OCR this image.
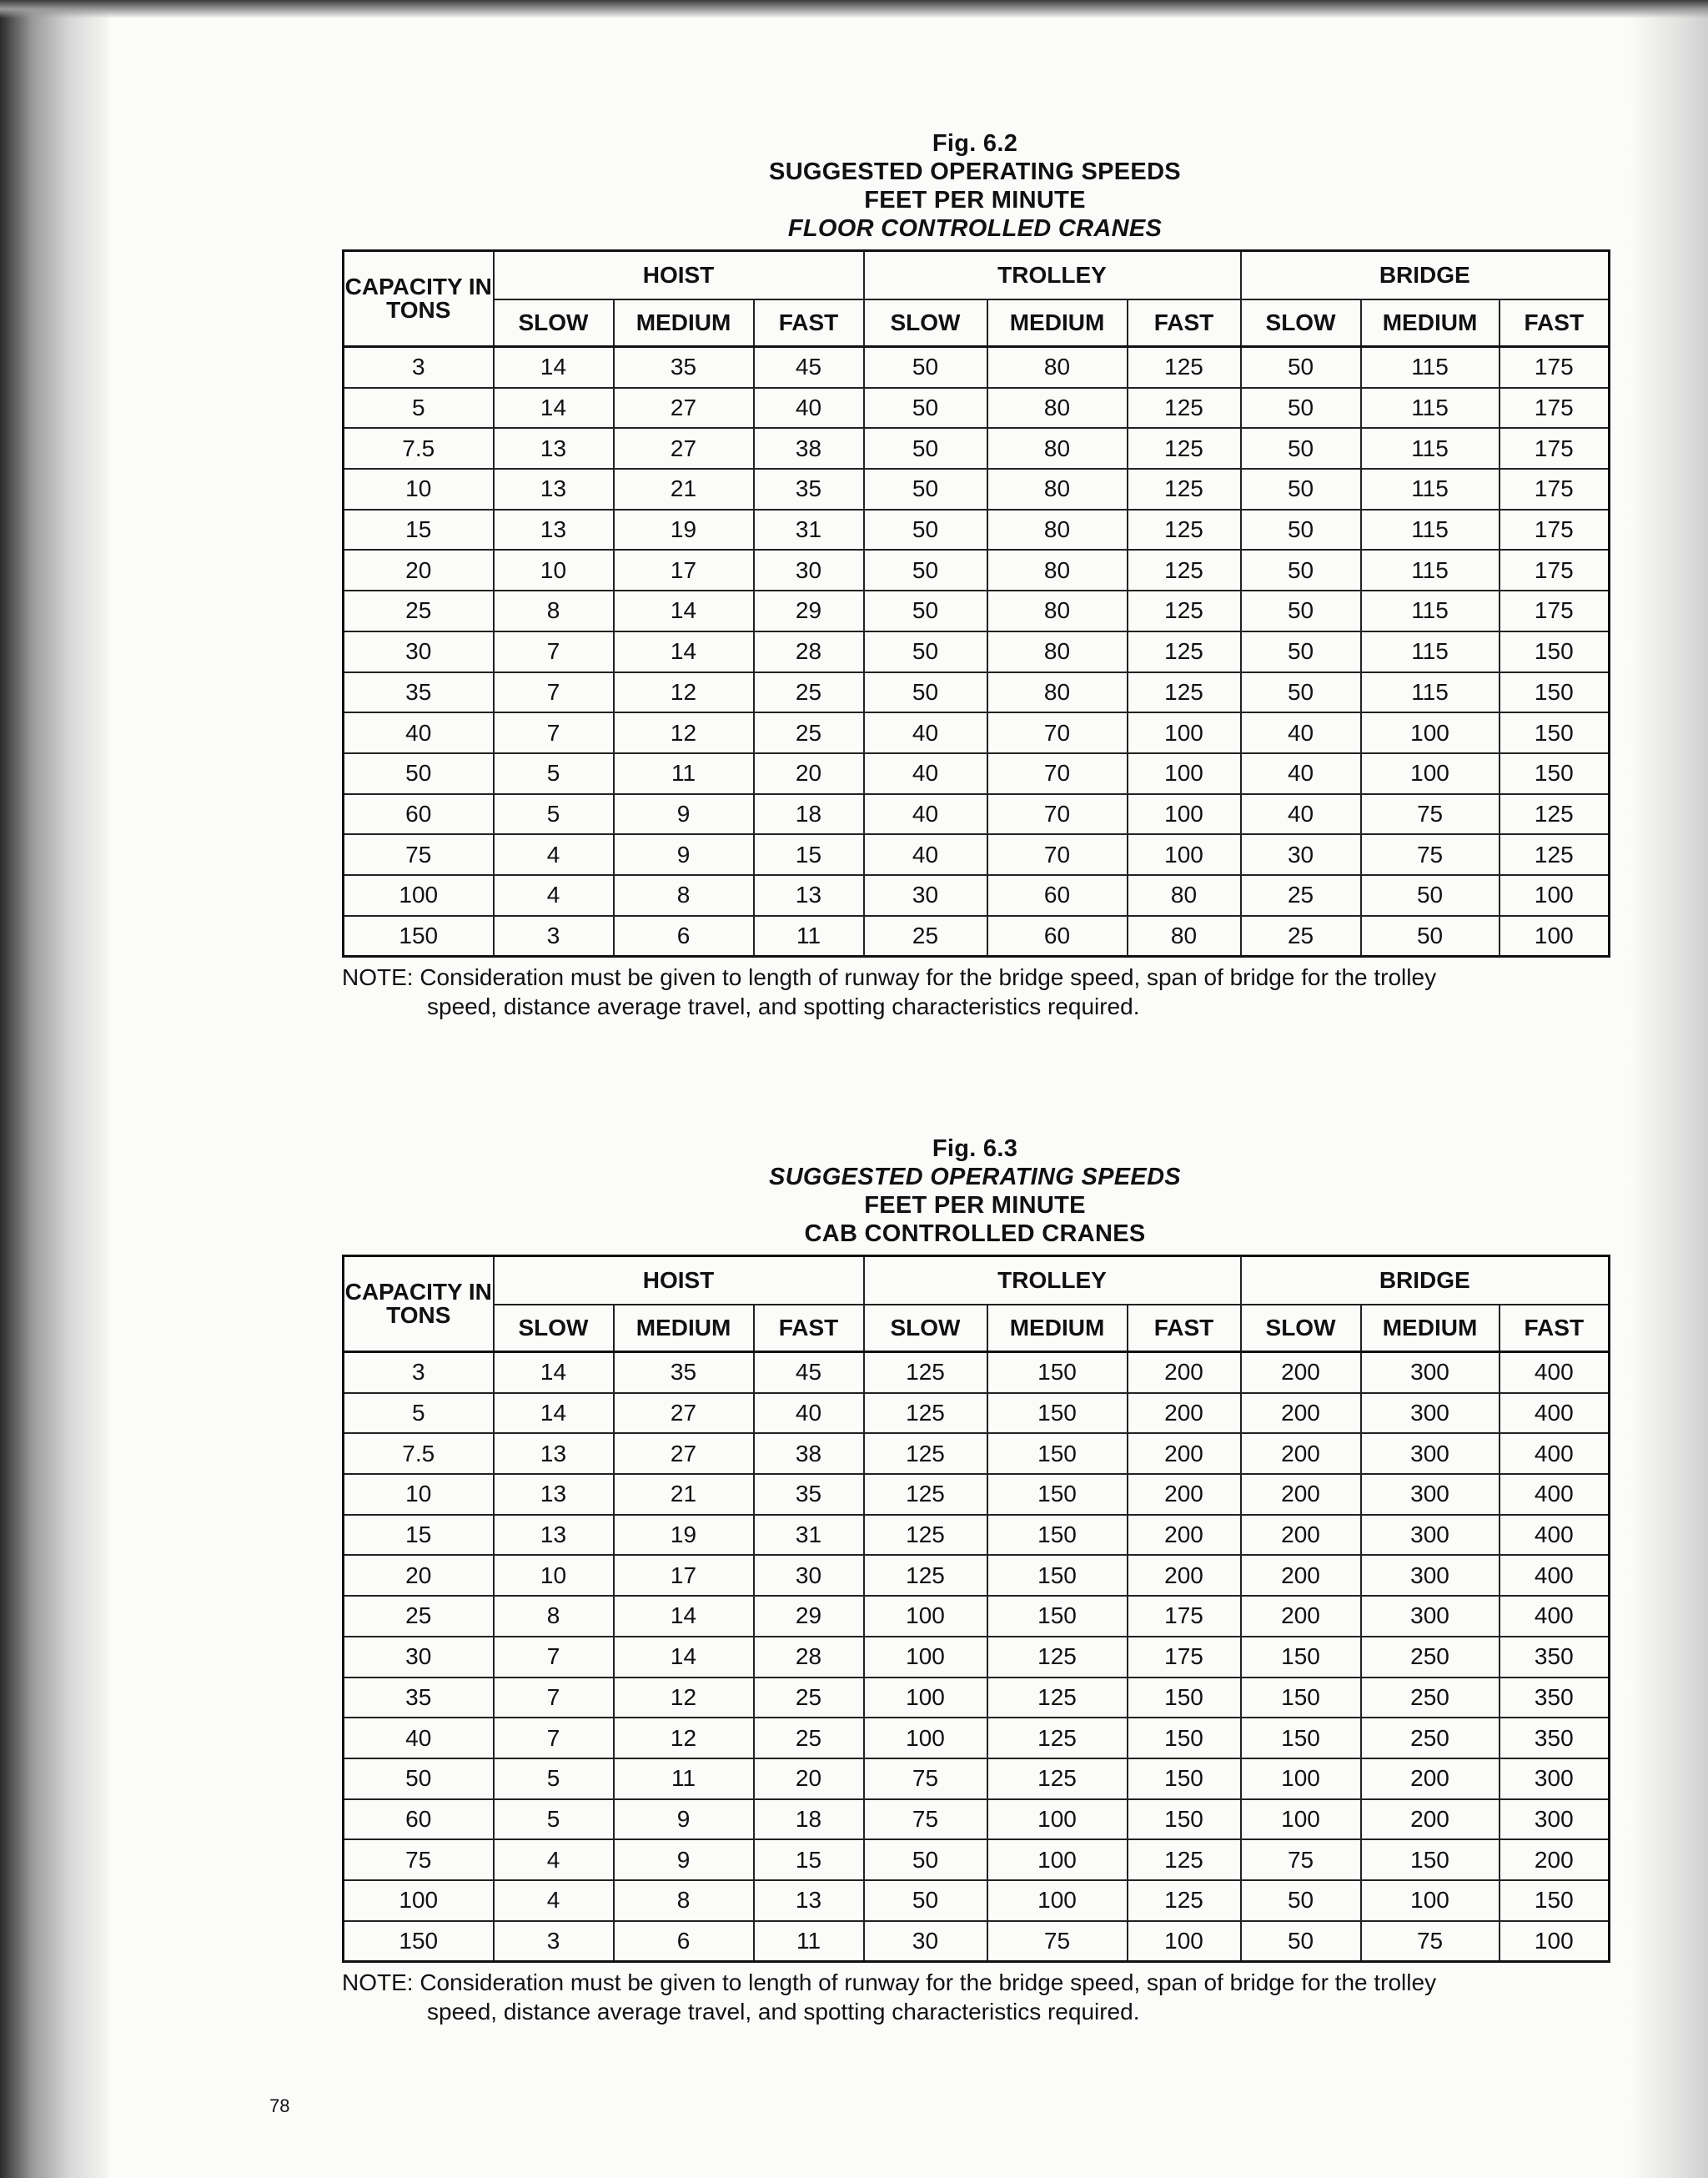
Fig. 6.2
SUGGESTED OPERATING SPEEDS
FEET PER MINUTE
FLOOR CONTROLLED CRANES
CAPACITY IN TONS	HOIST			TROLLEY			BRIDGE		
	SLOW	MEDIUM	FAST	SLOW	MEDIUM	FAST	SLOW	MEDIUM	FAST
3	14	35	45	50	80	125	50	115	175
5	14	27	40	50	80	125	50	115	175
7.5	13	27	38	50	80	125	50	115	175
10	13	21	35	50	80	125	50	115	175
15	13	19	31	50	80	125	50	115	175
20	10	17	30	50	80	125	50	115	175
25	8	14	29	50	80	125	50	115	175
30	7	14	28	50	80	125	50	115	150
35	7	12	25	50	80	125	50	115	150
40	7	12	25	40	70	100	40	100	150
50	5	11	20	40	70	100	40	100	150
60	5	9	18	40	70	100	40	75	125
75	4	9	15	40	70	100	30	75	125
100	4	8	13	30	60	80	25	50	100
150	3	6	11	25	60	80	25	50	100
NOTE: Consideration must be given to length of runway for the bridge speed, span of bridge for the trolley
speed, distance average travel, and spotting characteristics required.
Fig. 6.3
SUGGESTED OPERATING SPEEDS
FEET PER MINUTE
CAB CONTROLLED CRANES
CAPACITY IN TONS	HOIST			TROLLEY			BRIDGE		
	SLOW	MEDIUM	FAST	SLOW	MEDIUM	FAST	SLOW	MEDIUM	FAST
3	14	35	45	125	150	200	200	300	400
5	14	27	40	125	150	200	200	300	400
7.5	13	27	38	125	150	200	200	300	400
10	13	21	35	125	150	200	200	300	400
15	13	19	31	125	150	200	200	300	400
20	10	17	30	125	150	200	200	300	400
25	8	14	29	100	150	175	200	300	400
30	7	14	28	100	125	175	150	250	350
35	7	12	25	100	125	150	150	250	350
40	7	12	25	100	125	150	150	250	350
50	5	11	20	75	125	150	100	200	300
60	5	9	18	75	100	150	100	200	300
75	4	9	15	50	100	125	75	150	200
100	4	8	13	50	100	125	50	100	150
150	3	6	11	30	75	100	50	75	100
NOTE: Consideration must be given to length of runway for the bridge speed, span of bridge for the trolley
speed, distance average travel, and spotting characteristics required.
78
